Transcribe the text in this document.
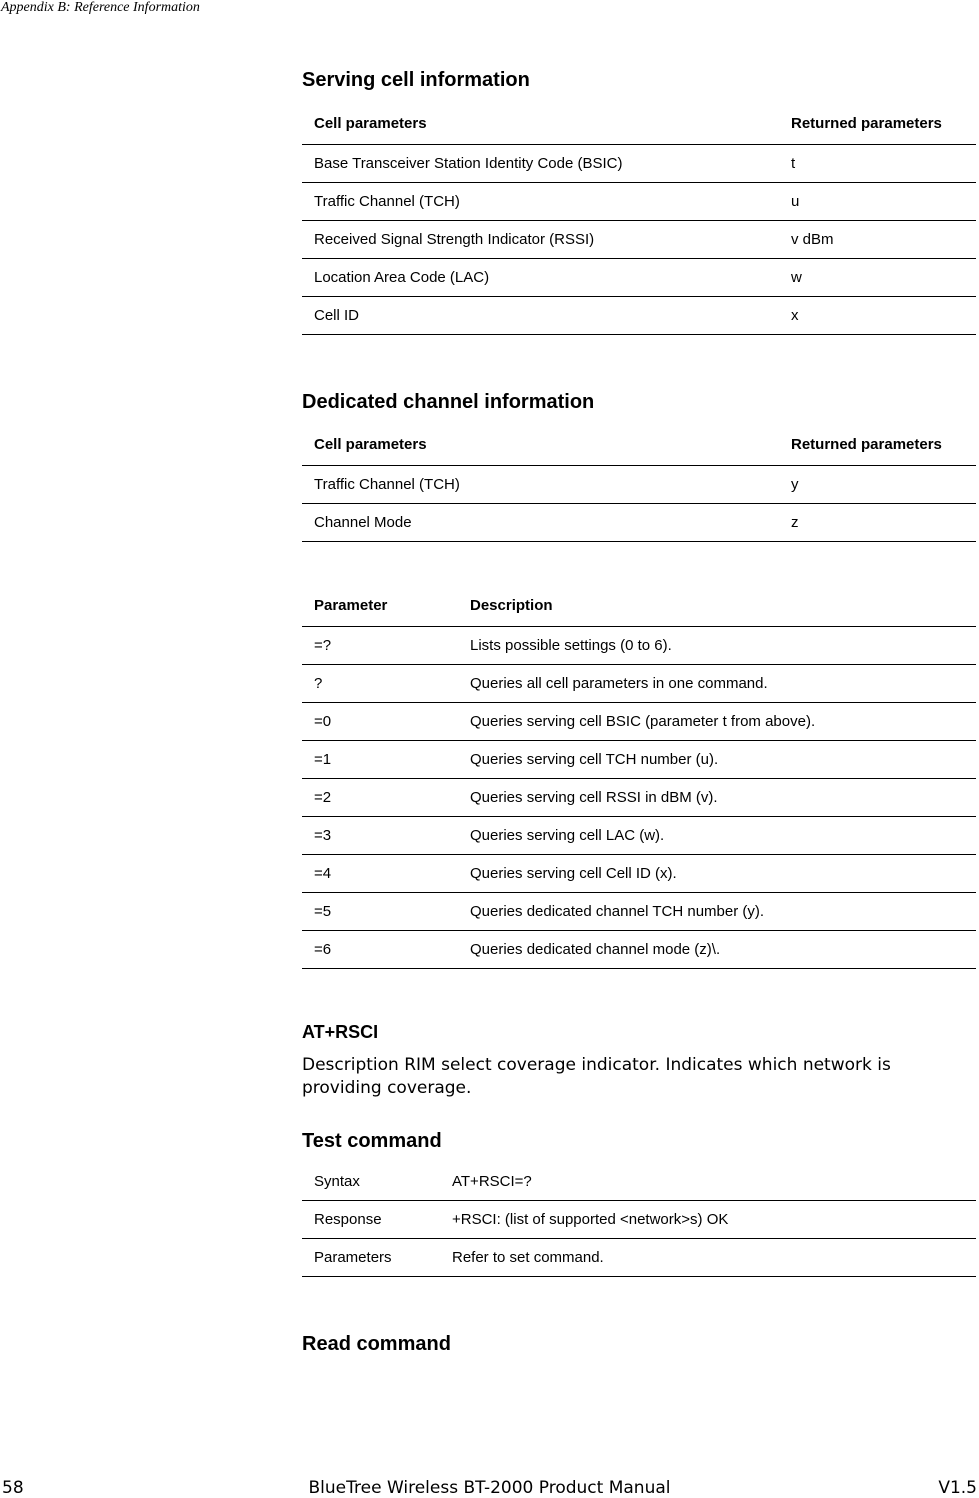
Appendix B: Reference Information
Serving cell information
Cell parameters	Returned parameters
Base Transceiver Station Identity Code (BSIC)	t
Traffic Channel (TCH)	u
Received Signal Strength Indicator (RSSI)	v dBm
Location Area Code (LAC)	w
Cell ID	x
Dedicated channel information
Cell parameters	Returned parameters
Traffic Channel (TCH)	y
Channel Mode	z
Parameter	Description
=?	Lists possible settings (0 to 6).
?	Queries all cell parameters in one command.
=0	Queries serving cell BSIC (parameter t from above).
=1	Queries serving cell TCH number (u).
=2	Queries serving cell RSSI in dBM (v).
=3	Queries serving cell LAC (w).
=4	Queries serving cell Cell ID (x).
=5	Queries dedicated channel TCH number (y).
=6	Queries dedicated channel mode (z)\.
AT+RSCI
Description RIM select coverage indicator. Indicates which network is providing coverage.
Test command
Syntax	AT+RSCI=?
Response	+RSCI: (list of supported <network>s) OK
Parameters	Refer to set command.
Read command
58	BlueTree Wireless BT-2000 Product Manual	V1.5
